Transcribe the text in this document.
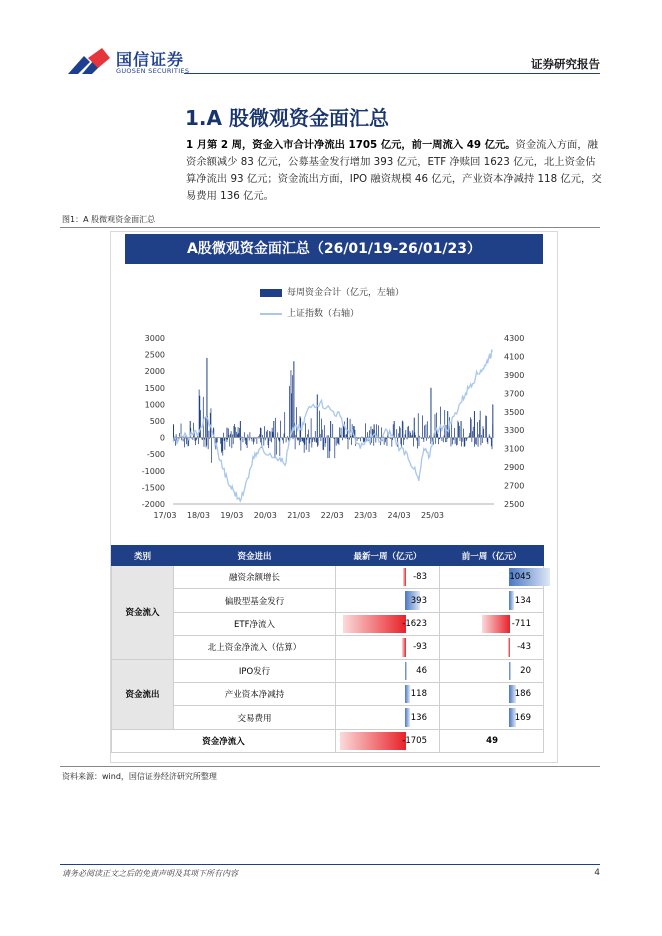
国信证券
GUOSEN SECURITIES	证券研究报告
1.A 股微观资金面汇总
1 月第 2 周，资金入市合计净流出 1705 亿元，前一周流入 49 亿元。资金流入方面，融资余额减少 83 亿元，公募基金发行增加 393 亿元，ETF 净赎回 1623 亿元，北上资金估算净流出 93 亿元；资金流出方面，IPO 融资规模 46 亿元，产业资本净减持 118 亿元，交易费用 136 亿元。
图1：A 股微观资金面汇总
A股微观资金面汇总（26/01/19-26/01/23）
每周资金合计（亿元，左轴）
上证指数（右轴）
3000
2500
2000
1500
1000
500
0
-500
-1000
-1500
-2000
4300
4100
3900
3700
3500
3300
3100
2900
2700
2500
17/03 18/03 19/03 20/03 21/03 22/03 23/03 24/03 25/03
类别	资金进出	最新一周（亿元）	前一周（亿元）
资金流入	融资余额增长	-83	1045
	偏股型基金发行	393	134
	ETF净流入	-1623	-711
	北上资金净流入（估算）	-93	-43
资金流出	IPO发行	46	20
	产业资本净减持	118	186
	交易费用	136	169
资金净流入		-1705	49
资料来源：wind，国信证券经济研究所整理
请务必阅读正文之后的免责声明及其项下所有内容	4
